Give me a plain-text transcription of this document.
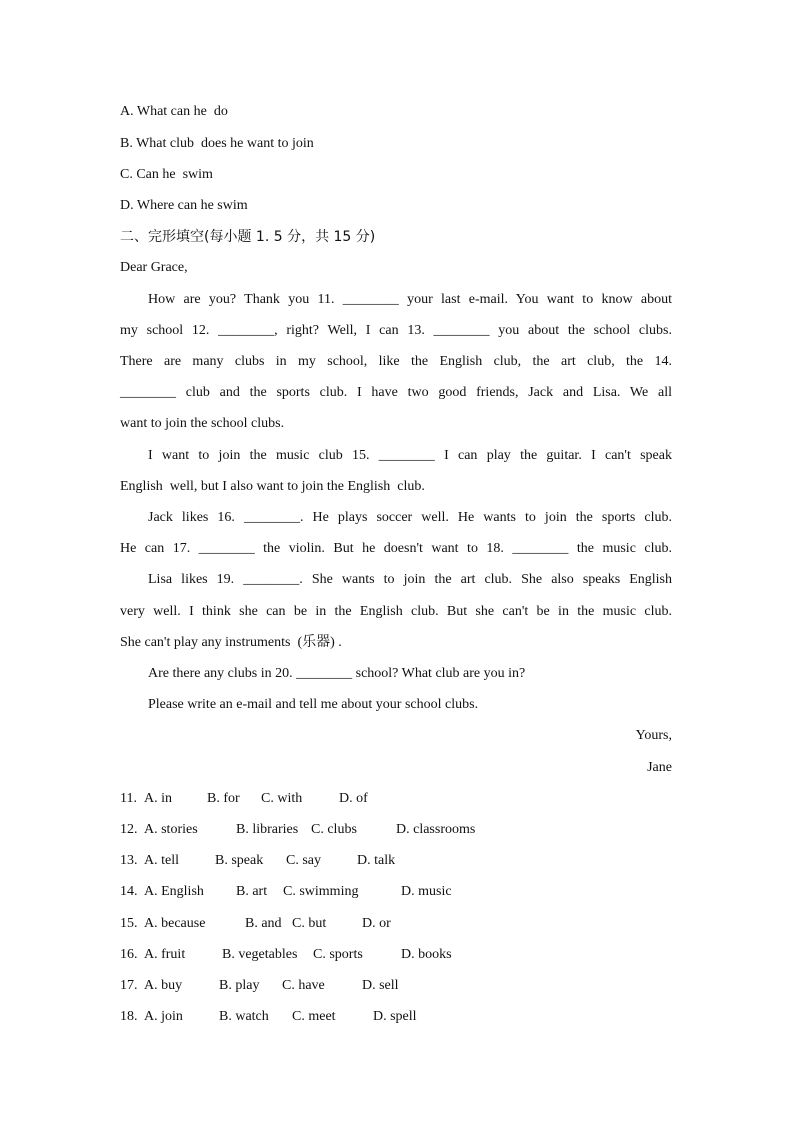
A. What can he  do
B. What club  does he want to join
C. Can he  swim
D. Where can he swim
二、完形填空(每小题 1. 5 分，共 15 分)
Dear Grace,
How are you? Thank you 11. ________ your last e-mail. You want to know about
my school 12. ________, right? Well, I can 13. ________ you about the school clubs.
There are many clubs in my school, like the English club, the art club, the 14.
________ club and the sports club. I have two good friends, Jack and Lisa. We all
want to join the school clubs.
I want to join the music club 15. ________ I can play the guitar. I can't speak
English  well, but I also want to join the English  club.
Jack likes 16. ________. He plays soccer well. He wants to join the sports club.
He can 17. ________ the violin. But he doesn't want to 18. ________ the music club.
Lisa likes 19. ________. She wants to join the art club. She also speaks English
very well. I think she can be in the English club. But she can't be in the music club.
She can't play any instruments  (乐器) .
Are there any clubs in 20. ________ school? What club are you in?
Please write an e-mail and tell me about your school clubs.
Yours,
Jane
11. A. in	B. for C. with	D. of
12. A. stories	B. libraries C. clubs	D. classrooms
13. A. tell	B. speak C. say	D. talk
14. A. English B. art C. swimming	D. music
15. A. because	B. and C. but	D. or
16. A. fruit	B. vegetables C. sports	D. books
17. A. buy	B. play C. have	D. sell
18. A. join	B. watch C. meet	D. spell
